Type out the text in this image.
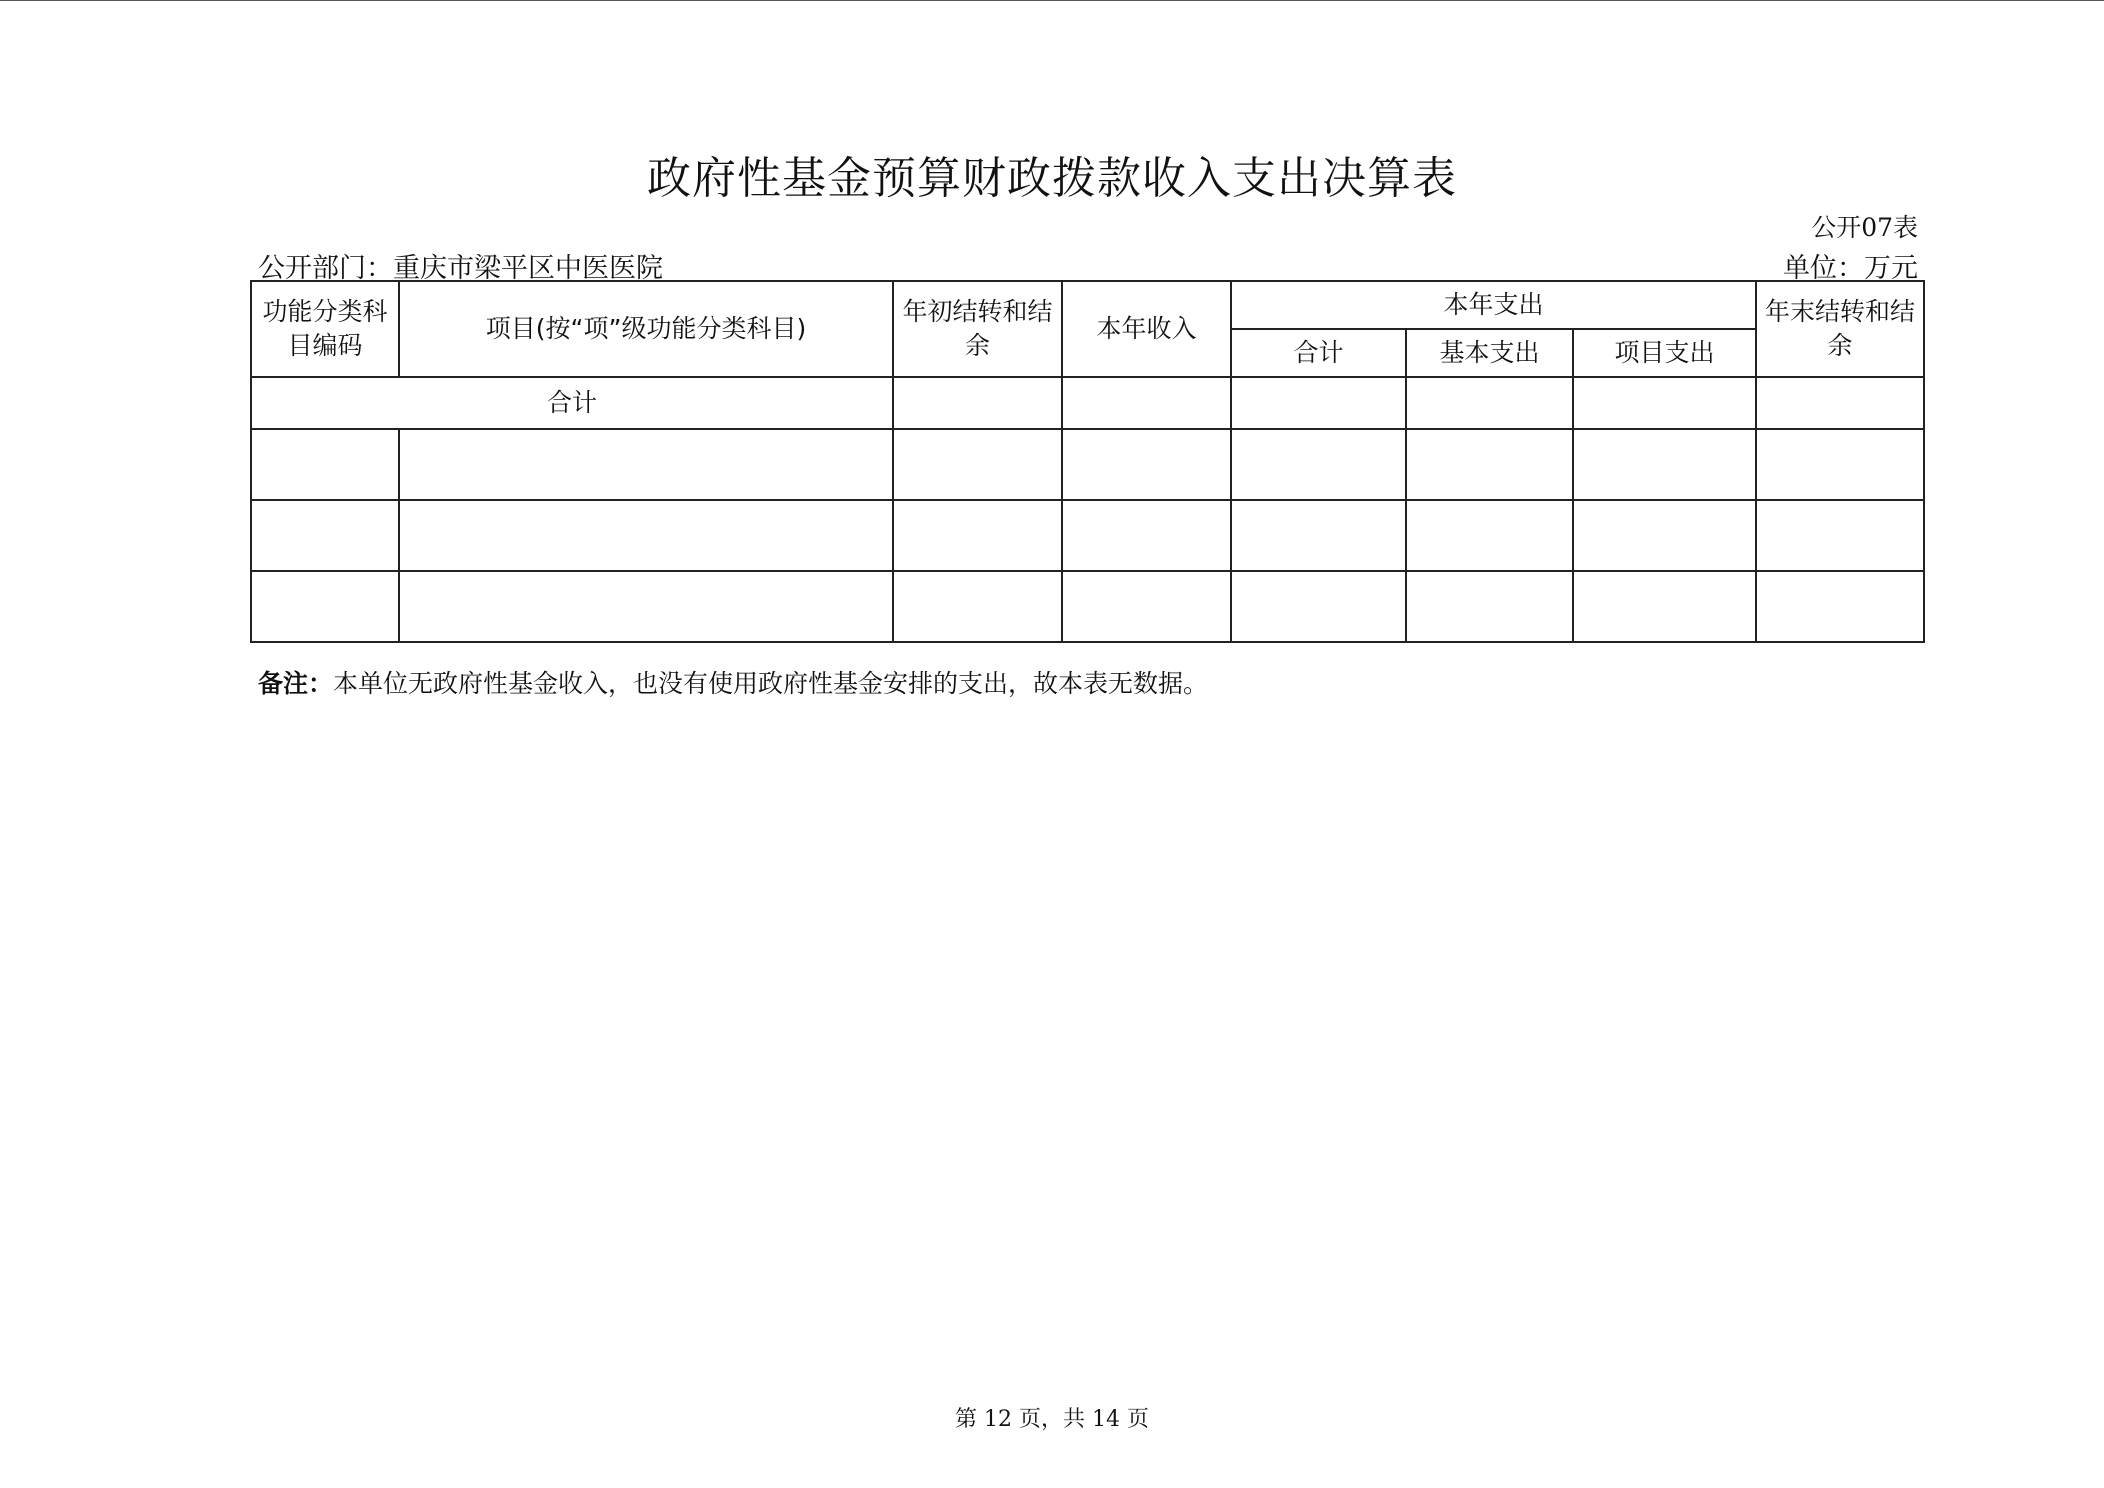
政府性基金预算财政拨款收入支出决算表
公开07表
公开部门：重庆市梁平区中医医院	单位：万元
功能分类科目编码	项目(按“项”级功能分类科目)	年初结转和结余	本年收入	本年支出			年末结转和结余
				合计	基本支出	项目支出	
合计							

备注：本单位无政府性基金收入，也没有使用政府性基金安排的支出，故本表无数据。
第 12 页，共 14 页
